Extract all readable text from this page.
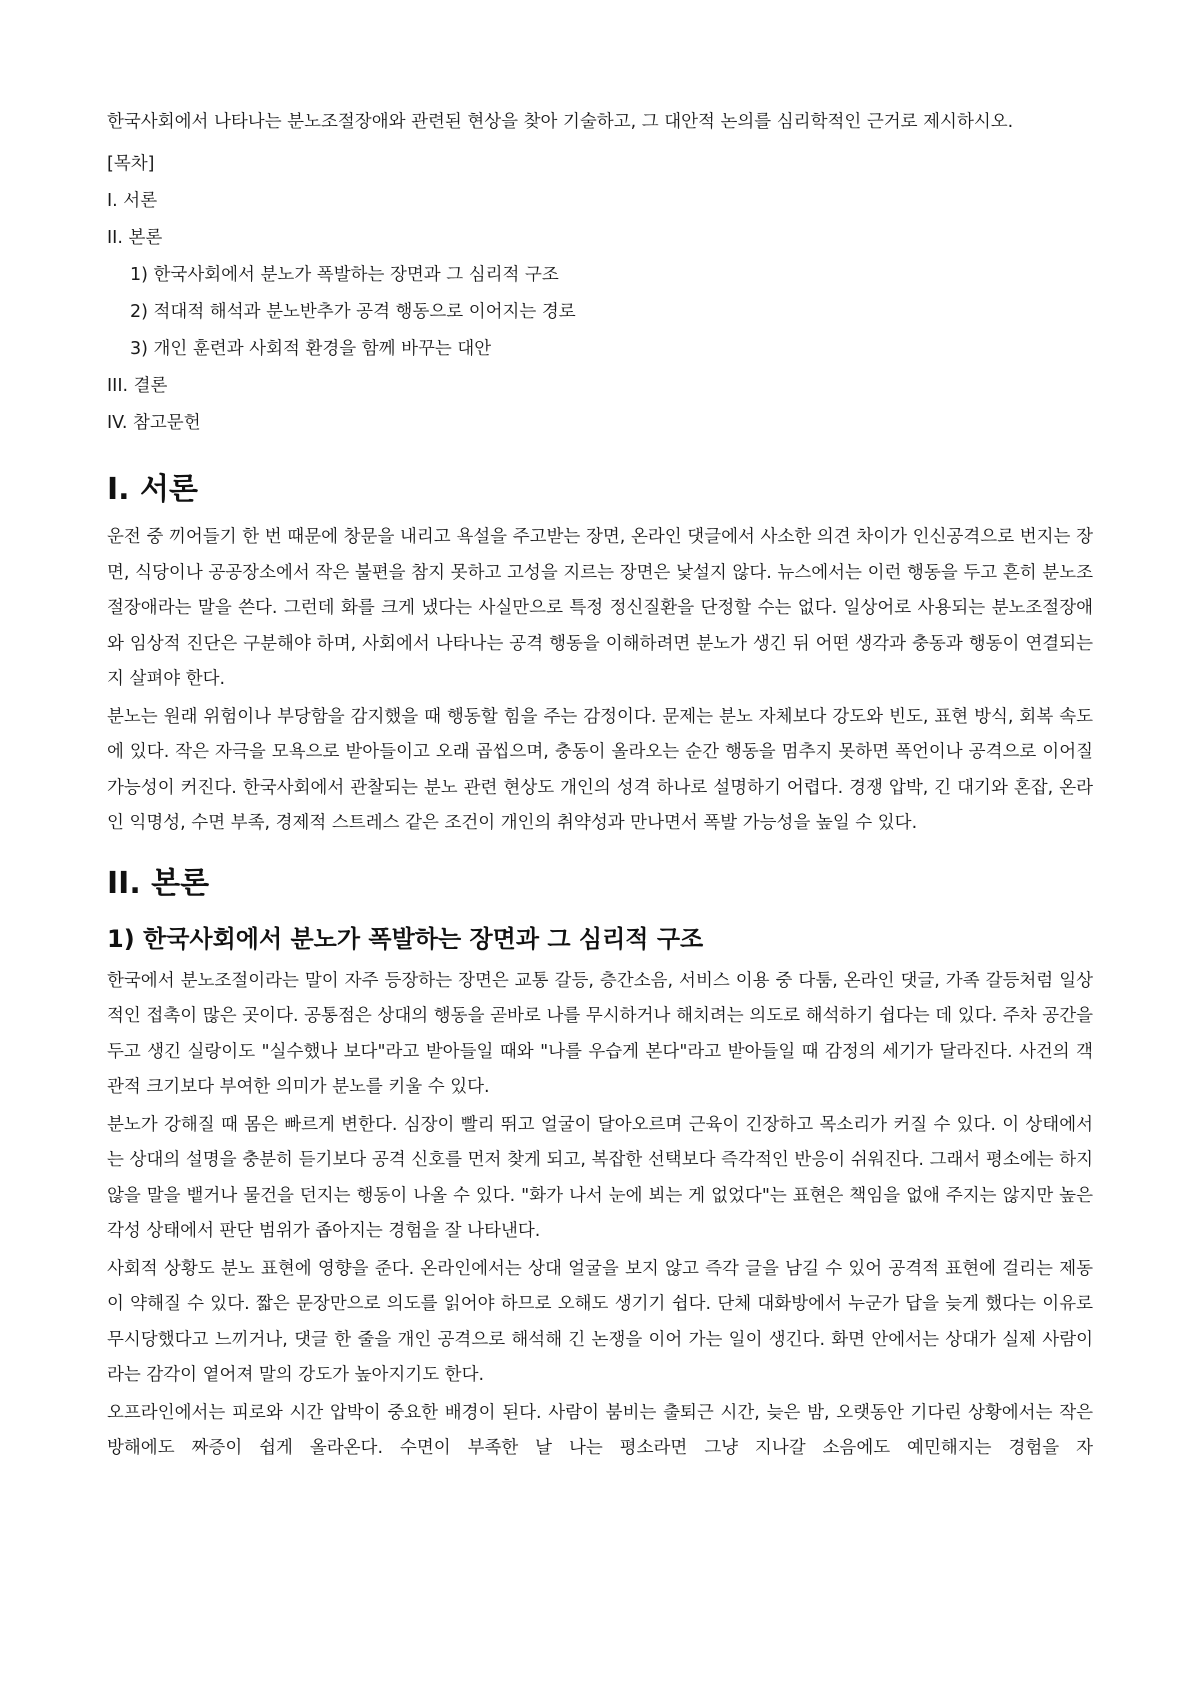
한국사회에서 나타나는 분노조절장애와 관련된 현상을 찾아 기술하고, 그 대안적 논의를 심리학적인 근거로 제시하시오.

[목차]

I. 서론

II. 본론

1) 한국사회에서 분노가 폭발하는 장면과 그 심리적 구조

2) 적대적 해석과 분노반추가 공격 행동으로 이어지는 경로

3) 개인 훈련과 사회적 환경을 함께 바꾸는 대안

III. 결론

IV. 참고문헌

I. 서론

운전 중 끼어들기 한 번 때문에 창문을 내리고 욕설을 주고받는 장면, 온라인 댓글에서 사소한 의견 차이가 인신공격으로 번지는 장면, 식당이나 공공장소에서 작은 불편을 참지 못하고 고성을 지르는 장면은 낯설지 않다. 뉴스에서는 이런 행동을 두고 흔히 분노조절장애라는 말을 쓴다. 그런데 화를 크게 냈다는 사실만으로 특정 정신질환을 단정할 수는 없다. 일상어로 사용되는 분노조절장애와 임상적 진단은 구분해야 하며, 사회에서 나타나는 공격 행동을 이해하려면 분노가 생긴 뒤 어떤 생각과 충동과 행동이 연결되는지 살펴야 한다.

분노는 원래 위험이나 부당함을 감지했을 때 행동할 힘을 주는 감정이다. 문제는 분노 자체보다 강도와 빈도, 표현 방식, 회복 속도에 있다. 작은 자극을 모욕으로 받아들이고 오래 곱씹으며, 충동이 올라오는 순간 행동을 멈추지 못하면 폭언이나 공격으로 이어질 가능성이 커진다. 한국사회에서 관찰되는 분노 관련 현상도 개인의 성격 하나로 설명하기 어렵다. 경쟁 압박, 긴 대기와 혼잡, 온라인 익명성, 수면 부족, 경제적 스트레스 같은 조건이 개인의 취약성과 만나면서 폭발 가능성을 높일 수 있다.

II. 본론
1) 한국사회에서 분노가 폭발하는 장면과 그 심리적 구조

한국에서 분노조절이라는 말이 자주 등장하는 장면은 교통 갈등, 층간소음, 서비스 이용 중 다툼, 온라인 댓글, 가족 갈등처럼 일상적인 접촉이 많은 곳이다. 공통점은 상대의 행동을 곧바로 나를 무시하거나 해치려는 의도로 해석하기 쉽다는 데 있다. 주차 공간을 두고 생긴 실랑이도 "실수했나 보다"라고 받아들일 때와 "나를 우습게 본다"라고 받아들일 때 감정의 세기가 달라진다. 사건의 객관적 크기보다 부여한 의미가 분노를 키울 수 있다.

분노가 강해질 때 몸은 빠르게 변한다. 심장이 빨리 뛰고 얼굴이 달아오르며 근육이 긴장하고 목소리가 커질 수 있다. 이 상태에서는 상대의 설명을 충분히 듣기보다 공격 신호를 먼저 찾게 되고, 복잡한 선택보다 즉각적인 반응이 쉬워진다. 그래서 평소에는 하지 않을 말을 뱉거나 물건을 던지는 행동이 나올 수 있다. "화가 나서 눈에 뵈는 게 없었다"는 표현은 책임을 없애 주지는 않지만 높은 각성 상태에서 판단 범위가 좁아지는 경험을 잘 나타낸다.

사회적 상황도 분노 표현에 영향을 준다. 온라인에서는 상대 얼굴을 보지 않고 즉각 글을 남길 수 있어 공격적 표현에 걸리는 제동이 약해질 수 있다. 짧은 문장만으로 의도를 읽어야 하므로 오해도 생기기 쉽다. 단체 대화방에서 누군가 답을 늦게 했다는 이유로 무시당했다고 느끼거나, 댓글 한 줄을 개인 공격으로 해석해 긴 논쟁을 이어 가는 일이 생긴다. 화면 안에서는 상대가 실제 사람이라는 감각이 옅어져 말의 강도가 높아지기도 한다.

오프라인에서는 피로와 시간 압박이 중요한 배경이 된다. 사람이 붐비는 출퇴근 시간, 늦은 밤, 오랫동안 기다린 상황에서는 작은 방해에도 짜증이 쉽게 올라온다. 수면이 부족한 날 나는 평소라면 그냥 지나갈 소음에도 예민해지는 경험을 자
